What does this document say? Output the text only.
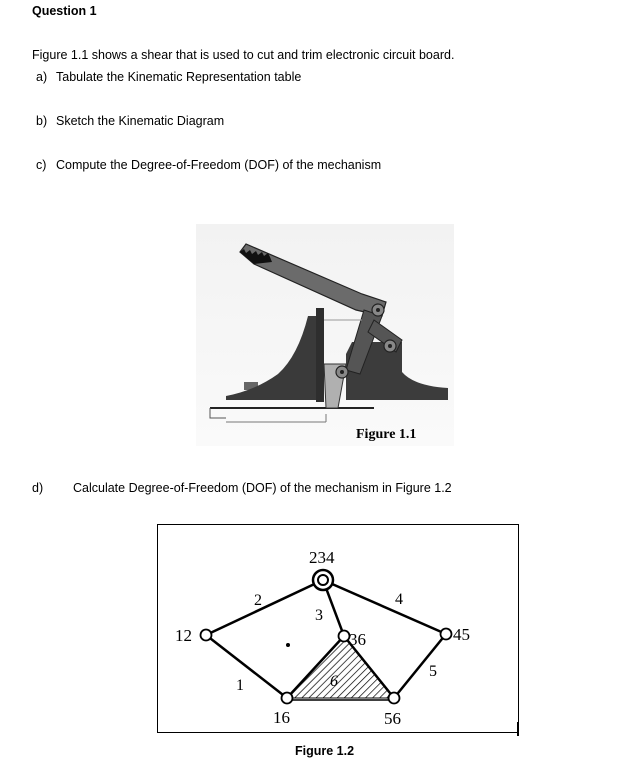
Question 1
Figure 1.1 shows a shear that is used to cut and trim electronic circuit board.
a) Tabulate the Kinematic Representation table
b) Sketch the Kinematic Diagram
c) Compute the Degree-of-Freedom (DOF) of the mechanism
Figure 1.1
d) Calculate Degree-of-Freedom (DOF) of the mechanism in Figure 1.2
234
12	36	45
16	56
1
2
3
4
5
6
Figure 1.2
